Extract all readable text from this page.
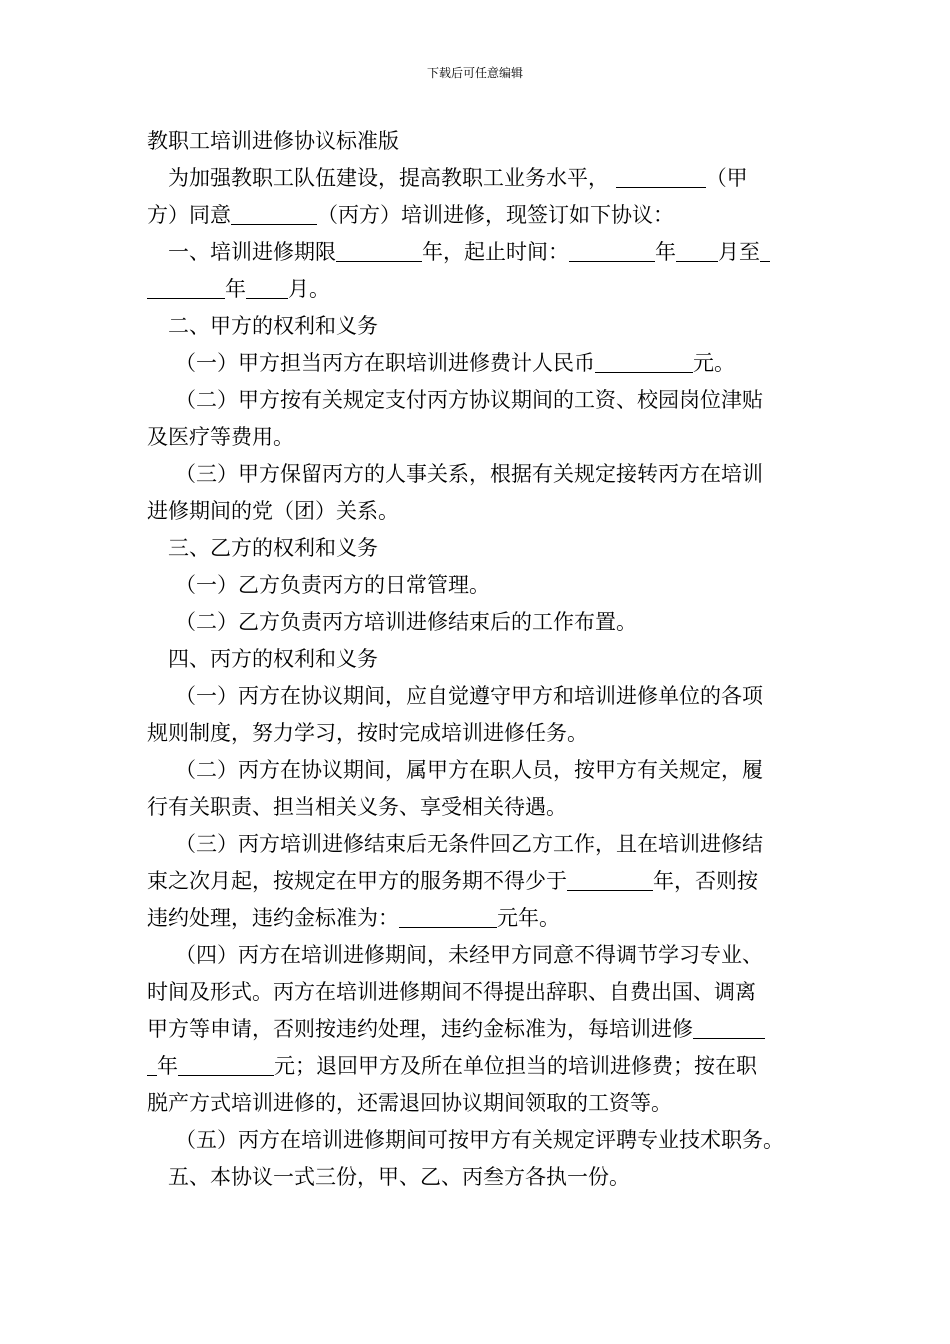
下载后可任意编辑
教职工培训进修协议标准版
为加强教职工队伍建设，提高教职工业务水平，	（甲
方）同意	（丙方）培训进修，现签订如下协议：
一、培训进修期限	年，起止时间：	年 月至
年 月。
二、甲方的权利和义务
（一）甲方担当丙方在职培训进修费计人民币	元。
（二）甲方按有关规定支付丙方协议期间的工资、校园岗位津贴
及医疗等费用。
（三）甲方保留丙方的人事关系，根据有关规定接转丙方在培训
进修期间的党（团）关系。
三、乙方的权利和义务
（一）乙方负责丙方的日常管理。
（二）乙方负责丙方培训进修结束后的工作布置。
四、丙方的权利和义务
（一）丙方在协议期间，应自觉遵守甲方和培训进修单位的各项
规则制度，努力学习，按时完成培训进修任务。
（二）丙方在协议期间，属甲方在职人员，按甲方有关规定，履
行有关职责、担当相关义务、享受相关待遇。
（三）丙方培训进修结束后无条件回乙方工作，且在培训进修结
束之次月起，按规定在甲方的服务期不得少于	年，否则按
违约处理，违约金标准为：	元年。
（四）丙方在培训进修期间，未经甲方同意不得调节学习专业、
时间及形式。丙方在培训进修期间不得提出辞职、自费出国、调离
甲方等申请，否则按违约处理，违约金标准为，每培训进修
年	元；退回甲方及所在单位担当的培训进修费；按在职
脱产方式培训进修的，还需退回协议期间领取的工资等。
（五）丙方在培训进修期间可按甲方有关规定评聘专业技术职务。
五、本协议一式三份，甲、乙、丙叁方各执一份。
